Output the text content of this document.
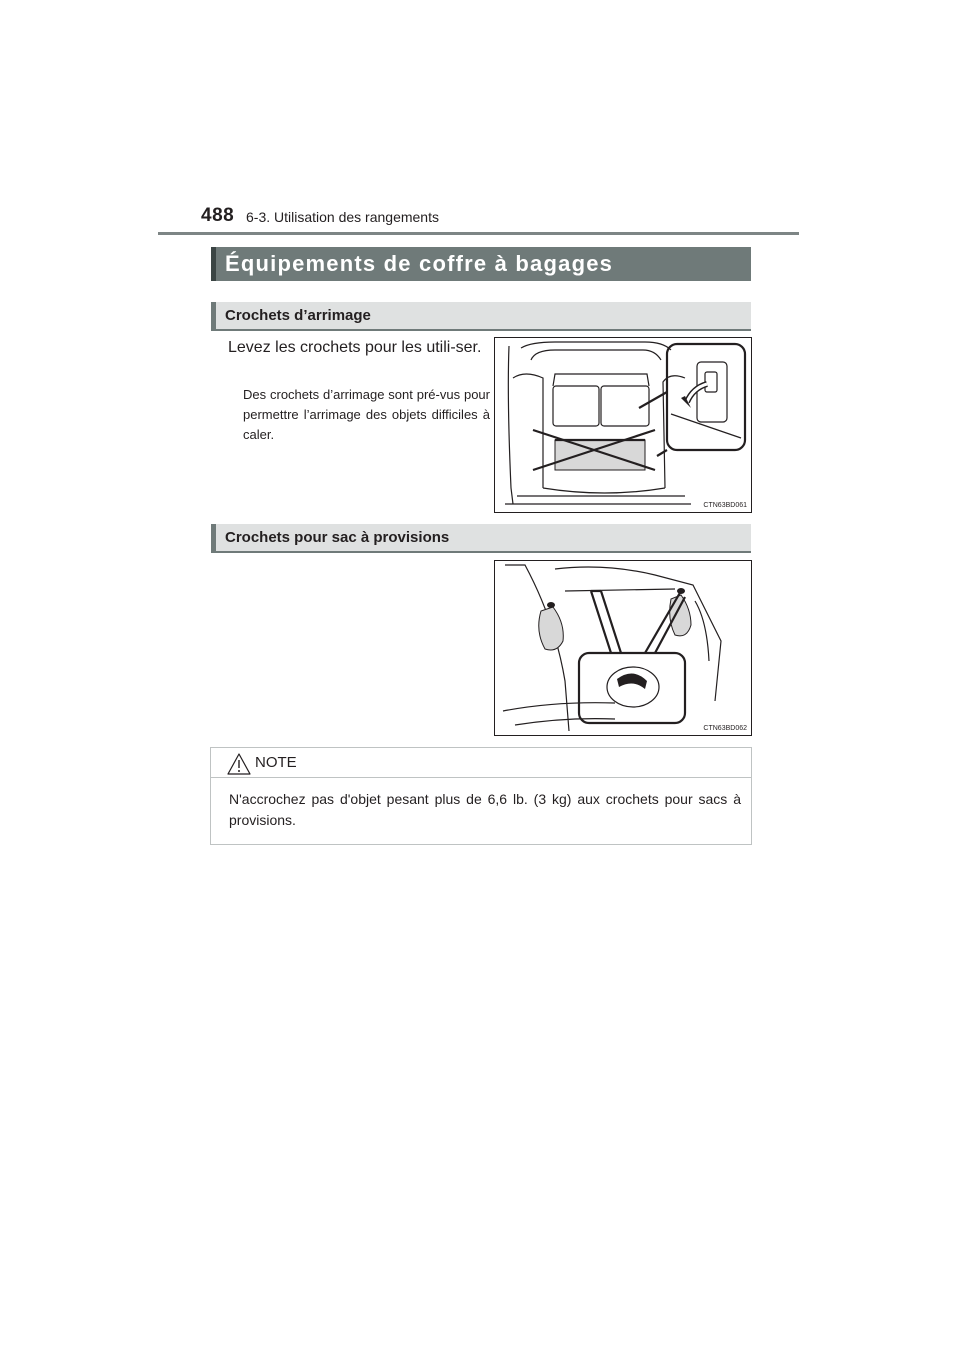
488 6-3. Utilisation des rangements
Équipements de coffre à bagages
Crochets d’arrimage
Levez les crochets pour les utili-ser.
Des crochets d’arrimage sont pré-vus pour permettre l’arrimage des objets difficiles à caler.
CTN63BD061
Crochets pour sac à provisions
CTN63BD062
NOTE
N'accrochez pas d'objet pesant plus de 6,6 lb. (3 kg) aux crochets pour sacs à provisions.
